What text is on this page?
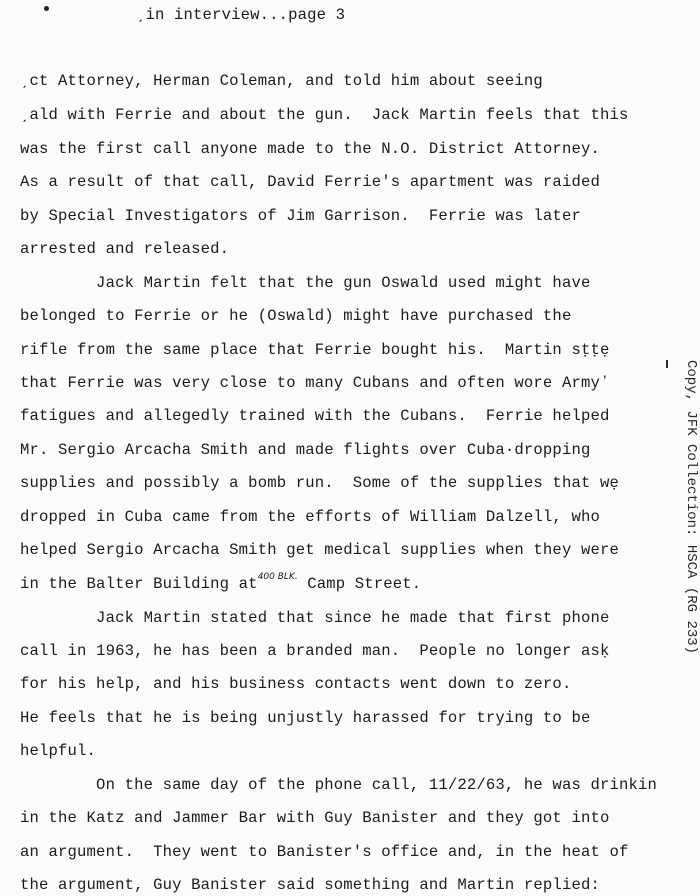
ˏin interview...page 3
ˏct Attorney, Herman Coleman, and told him about seeing
ˏald with Ferrie and about the gun.  Jack Martin feels that this
was the first call anyone made to the N.O. District Attorney.
As a result of that call, David Ferrie's apartment was raided
by Special Investigators of Jim Garrison.  Ferrie was later
arrested and released.
Jack Martin felt that the gun Oswald used might have
belonged to Ferrie or he (Oswald) might have purchased the
rifle from the same place that Ferrie bought his.  Martin sṭṭẹ
that Ferrie was very close to many Cubans and often wore Armyʼ
fatigues and allegedly trained with the Cubans.  Ferrie helped
Mr. Sergio Arcacha Smith and made flights over Cuba·dropping
supplies and possibly a bomb run.  Some of the supplies that wẹ
dropped in Cuba came from the efforts of William Dalzell, who
helped Sergio Arcacha Smith get medical supplies when they were
in the Balter Building $at^{400 BLK.}$ Camp Street.
Jack Martin stated that since he made that first phone
call in 1963, he has been a branded man.  People no longer asḳ
for his help, and his business contacts went down to zero.
He feels that he is being unjustly harassed for trying to be
helpful.
On the same day of the phone call, 11/22/63, he was drinkin
in the Katz and Jammer Bar with Guy Banister and they got into
an argument.  They went to Banister's office and, in the heat of
the argument, Guy Banister said something and Martin replied:
Copy, JFK Collection: HSCA (RG 233)
